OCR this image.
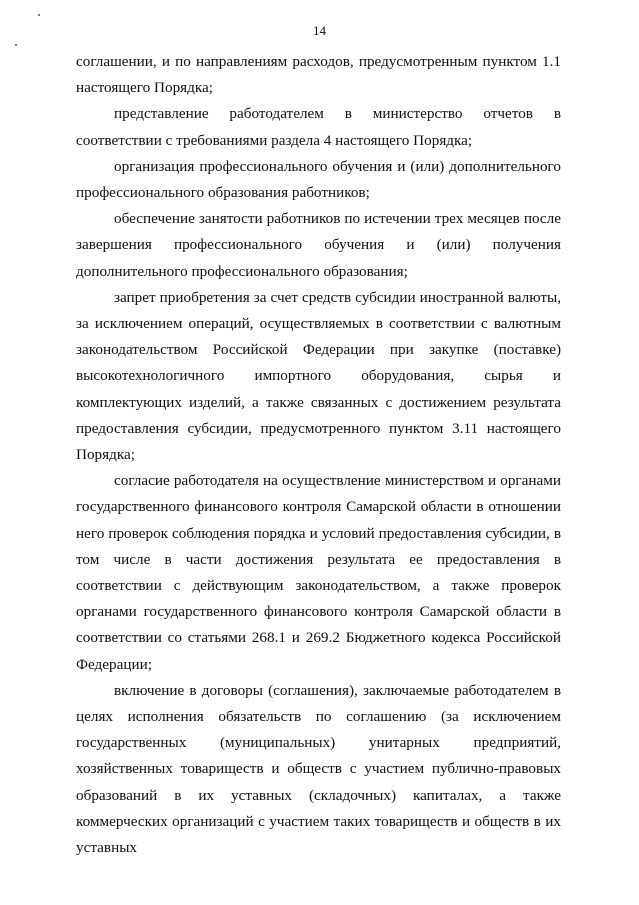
14

соглашении, и по направлениям расходов, предусмотренным пунктом 1.1 настоящего Порядка;

представление работодателем в министерство отчетов в соответствии с требованиями раздела 4 настоящего Порядка;

организация профессионального обучения и (или) дополнительного профессионального образования работников;

обеспечение занятости работников по истечении трех месяцев после завершения профессионального обучения и (или) получения дополнительного профессионального образования;

запрет приобретения за счет средств субсидии иностранной валюты, за исключением операций, осуществляемых в соответствии с валютным законодательством Российской Федерации при закупке (поставке) высокотехнологичного импортного оборудования, сырья и комплектующих изделий, а также связанных с достижением результата предоставления субсидии, предусмотренного пунктом 3.11 настоящего Порядка;

согласие работодателя на осуществление министерством и органами государственного финансового контроля Самарской области в отношении него проверок соблюдения порядка и условий предоставления субсидии, в том числе в части достижения результата ее предоставления в соответствии с действующим законодательством, а также проверок органами государственного финансового контроля Самарской области в соответствии со статьями 268.1 и 269.2 Бюджетного кодекса Российской Федерации;

включение в договоры (соглашения), заключаемые работодателем в целях исполнения обязательств по соглашению (за исключением государственных (муниципальных) унитарных предприятий, хозяйственных товариществ и обществ с участием публично-правовых образований в их уставных (складочных) капиталах, а также коммерческих организаций с участием таких товариществ и обществ в их уставных
